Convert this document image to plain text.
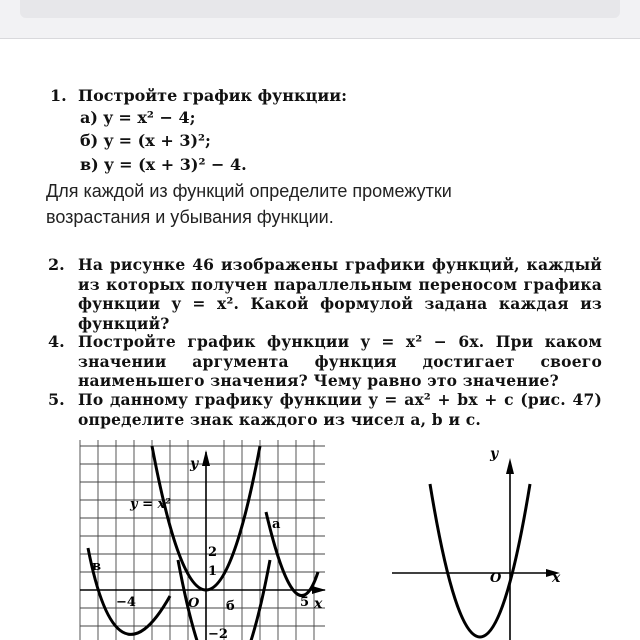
1. Постройте график функции:
а) y = x² − 4;
б) y = (x + 3)²;
в) y = (x + 3)² − 4.
Для каждой из функций определите промежутки
возрастания и убывания функции.
2. На рисунке 46 изображены графики функций, каждый из которых получен параллельным переносом графика функции y = x². Какой формулой задана каждая из функций?
4. Постройте график функции y = x² − 6x. При каком значении аргумента функция достигает своего наименьшего значения? Чему равно это значение?
5. По данному графику функции y = ax² + bx + c (рис. 47) определите знак каждого из чисел a, b и c.
y
x
y = x²
а
б
в
2
1
−4	O	5
−2
y
x
O
